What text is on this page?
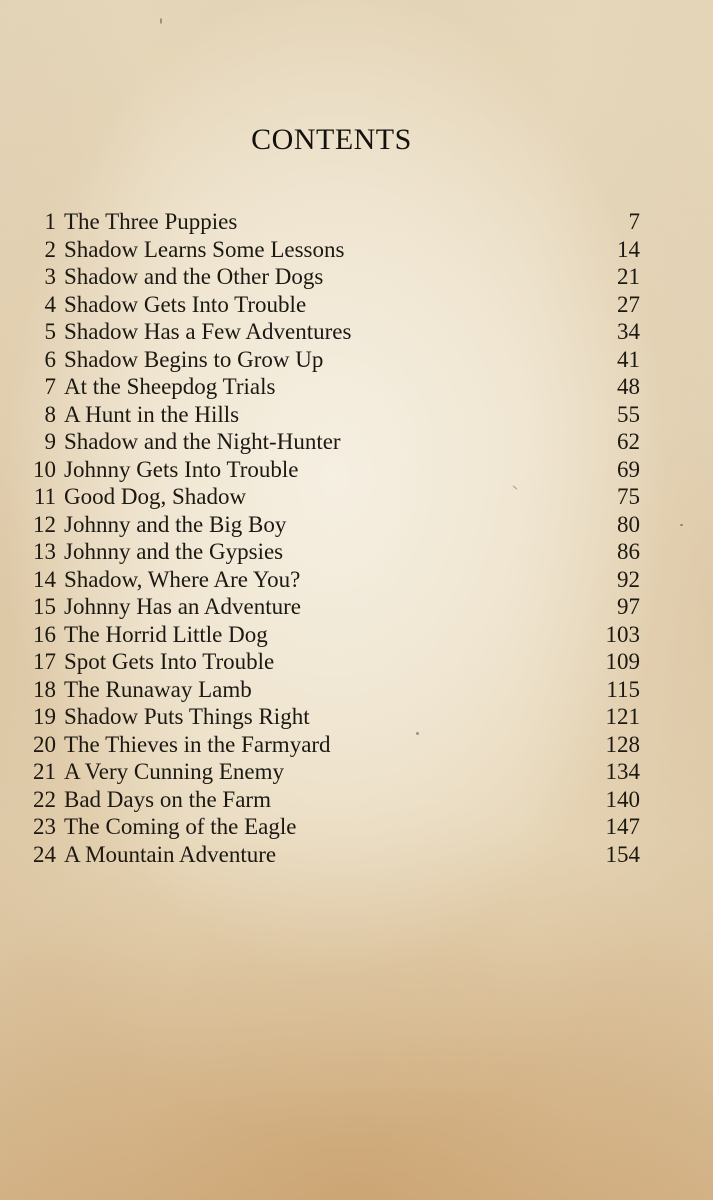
CONTENTS
1 The Three Puppies	7
2 Shadow Learns Some Lessons	14
3 Shadow and the Other Dogs	21
4 Shadow Gets Into Trouble	27
5 Shadow Has a Few Adventures	34
6 Shadow Begins to Grow Up	41
7 At the Sheepdog Trials	48
8 A Hunt in the Hills	55
9 Shadow and the Night-Hunter	62
10 Johnny Gets Into Trouble	69
11 Good Dog, Shadow	75
12 Johnny and the Big Boy	80
13 Johnny and the Gypsies	86
14 Shadow, Where Are You?	92
15 Johnny Has an Adventure	97
16 The Horrid Little Dog	103
17 Spot Gets Into Trouble	109
18 The Runaway Lamb	115
19 Shadow Puts Things Right	121
20 The Thieves in the Farmyard	128
21 A Very Cunning Enemy	134
22 Bad Days on the Farm	140
23 The Coming of the Eagle	147
24 A Mountain Adventure	154
